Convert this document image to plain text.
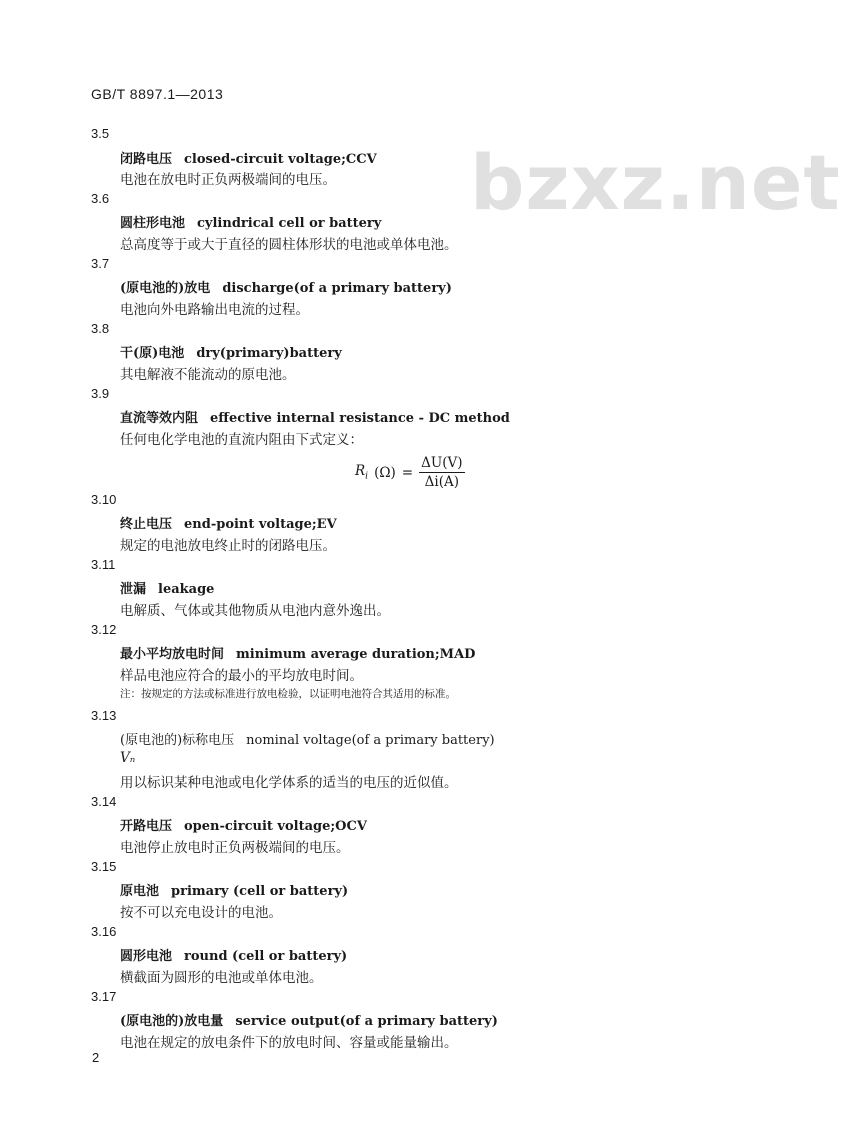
bzxz.net
GB/T 8897.1—2013
3.5
闭路电压 closed-circuit voltage;CCV
电池在放电时正负两极端间的电压。
3.6
圆柱形电池 cylindrical cell or battery
总高度等于或大于直径的圆柱体形状的电池或单体电池。
3.7
(原电池的)放电 discharge(of a primary battery)
电池向外电路输出电流的过程。
3.8
干(原)电池 dry(primary)battery
其电解液不能流动的原电池。
3.9
直流等效内阻 effective internal resistance - DC method
任何电化学电池的直流内阻由下式定义：
$R_i$ $(\Omega) = \frac{\Delta U(V)}{\Delta i(A)}$
3.10
终止电压 end-point voltage;EV
规定的电池放电终止时的闭路电压。
3.11
泄漏 leakage
电解质、气体或其他物质从电池内意外逸出。
3.12
最小平均放电时间 minimum average duration;MAD
样品电池应符合的最小的平均放电时间。
注：按规定的方法或标准进行放电检验，以证明电池符合其适用的标准。
3.13
(原电池的)标称电压 nominal voltage(of a primary battery)
Vₙ
用以标识某种电池或电化学体系的适当的电压的近似值。
3.14
开路电压 open-circuit voltage;OCV
电池停止放电时正负两极端间的电压。
3.15
原电池 primary (cell or battery)
按不可以充电设计的电池。
3.16
圆形电池 round (cell or battery)
横截面为圆形的电池或单体电池。
3.17
(原电池的)放电量 service output(of a primary battery)
电池在规定的放电条件下的放电时间、容量或能量输出。
2
